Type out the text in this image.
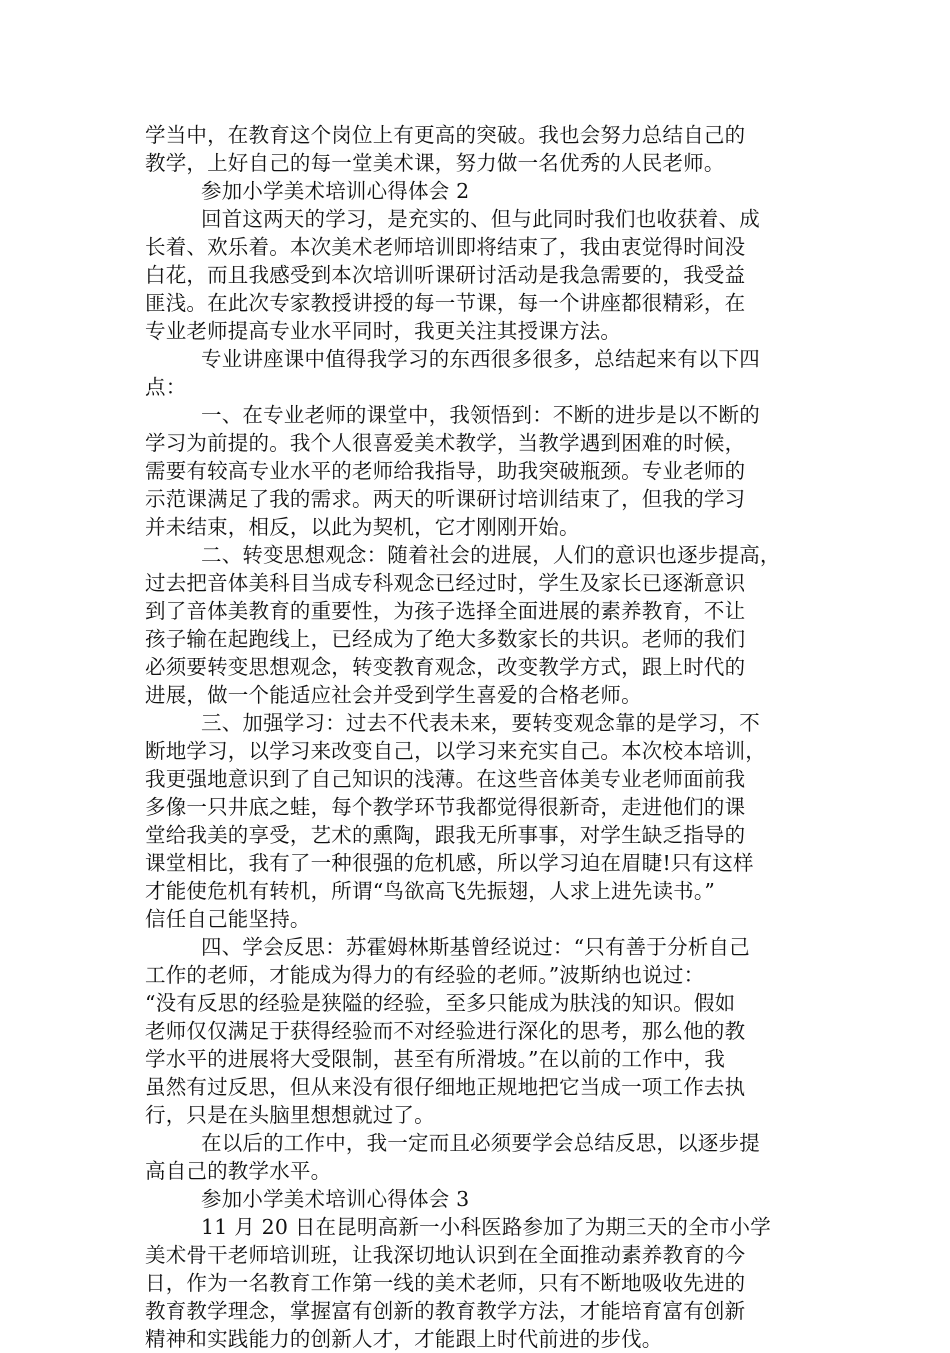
学当中，在教育这个岗位上有更高的突破。我也会努力总结自己的
教学，上好自己的每一堂美术课，努力做一名优秀的人民老师。
参加小学美术培训心得体会 2
回首这两天的学习，是充实的、但与此同时我们也收获着、成
长着、欢乐着。本次美术老师培训即将结束了，我由衷觉得时间没
白花，而且我感受到本次培训听课研讨活动是我急需要的，我受益
匪浅。在此次专家教授讲授的每一节课，每一个讲座都很精彩，在
专业老师提高专业水平同时，我更关注其授课方法。
专业讲座课中值得我学习的东西很多很多，总结起来有以下四
点：
一、在专业老师的课堂中，我领悟到：不断的进步是以不断的
学习为前提的。我个人很喜爱美术教学，当教学遇到困难的时候，
需要有较高专业水平的老师给我指导，助我突破瓶颈。专业老师的
示范课满足了我的需求。两天的听课研讨培训结束了，但我的学习
并未结束，相反，以此为契机，它才刚刚开始。
二、转变思想观念：随着社会的进展，人们的意识也逐步提高，
过去把音体美科目当成专科观念已经过时，学生及家长已逐渐意识
到了音体美教育的重要性，为孩子选择全面进展的素养教育，不让
孩子输在起跑线上，已经成为了绝大多数家长的共识。老师的我们
必须要转变思想观念，转变教育观念，改变教学方式，跟上时代的
进展，做一个能适应社会并受到学生喜爱的合格老师。
三、加强学习：过去不代表未来，要转变观念靠的是学习，不
断地学习，以学习来改变自己，以学习来充实自己。本次校本培训，
我更强地意识到了自己知识的浅薄。在这些音体美专业老师面前我
多像一只井底之蛙，每个教学环节我都觉得很新奇，走进他们的课
堂给我美的享受，艺术的熏陶，跟我无所事事，对学生缺乏指导的
课堂相比，我有了一种很强的危机感，所以学习迫在眉睫!只有这样
才能使危机有转机，所谓“鸟欲高飞先振翅，人求上进先读书。”
信任自己能坚持。
四、学会反思：苏霍姆林斯基曾经说过：“只有善于分析自己
工作的老师，才能成为得力的有经验的老师。”波斯纳也说过：
“没有反思的经验是狭隘的经验，至多只能成为肤浅的知识。假如
老师仅仅满足于获得经验而不对经验进行深化的思考，那么他的教
学水平的进展将大受限制，甚至有所滑坡。”在以前的工作中，我
虽然有过反思，但从来没有很仔细地正规地把它当成一项工作去执
行，只是在头脑里想想就过了。
在以后的工作中，我一定而且必须要学会总结反思，以逐步提
高自己的教学水平。
参加小学美术培训心得体会 3
11 月 20 日在昆明高新一小科医路参加了为期三天的全市小学
美术骨干老师培训班，让我深切地认识到在全面推动素养教育的今
日，作为一名教育工作第一线的美术老师，只有不断地吸收先进的
教育教学理念，掌握富有创新的教育教学方法，才能培育富有创新
精神和实践能力的创新人才，才能跟上时代前进的步伐。
